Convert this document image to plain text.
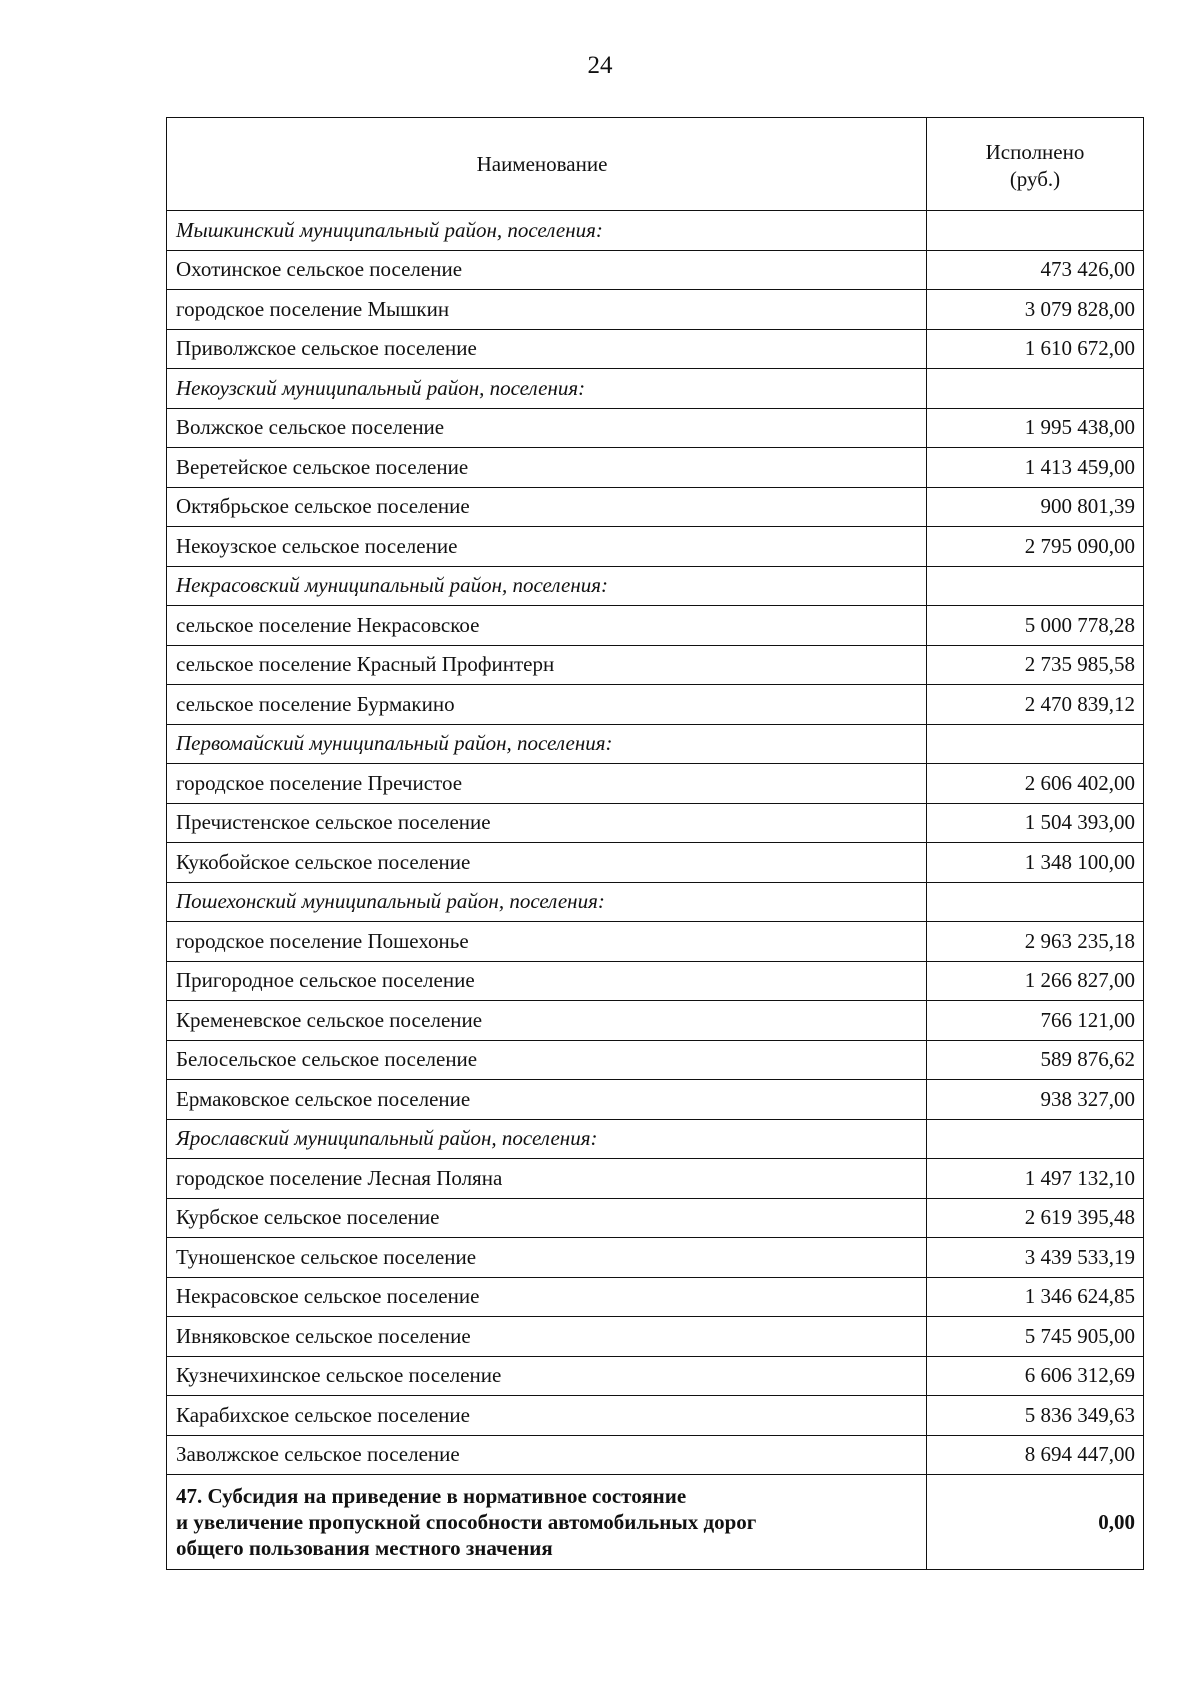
24
Наименование	Исполнено
(руб.)
Мышкинский муниципальный район, поселения:	
Охотинское сельское поселение	473 426,00
городское поселение Мышкин	3 079 828,00
Приволжское сельское поселение	1 610 672,00
Некоузский муниципальный район, поселения:	
Волжское сельское поселение	1 995 438,00
Веретейское сельское поселение	1 413 459,00
Октябрьское сельское поселение	900 801,39
Некоузское сельское поселение	2 795 090,00
Некрасовский муниципальный район, поселения:	
сельское поселение Некрасовское	5 000 778,28
сельское поселение Красный Профинтерн	2 735 985,58
сельское поселение Бурмакино	2 470 839,12
Первомайский муниципальный район, поселения:	
городское поселение Пречистое	2 606 402,00
Пречистенское сельское поселение	1 504 393,00
Кукобойское сельское поселение	1 348 100,00
Пошехонский муниципальный район, поселения:	
городское поселение Пошехонье	2 963 235,18
Пригородное сельское поселение	1 266 827,00
Кременевское сельское поселение	766 121,00
Белосельское сельское поселение	589 876,62
Ермаковское сельское поселение	938 327,00
Ярославский муниципальный район, поселения:	
городское поселение Лесная Поляна	1 497 132,10
Курбское сельское поселение	2 619 395,48
Туношенское сельское поселение	3 439 533,19
Некрасовское сельское поселение	1 346 624,85
Ивняковское сельское поселение	5 745 905,00
Кузнечихинское сельское поселение	6 606 312,69
Карабихское сельское поселение	5 836 349,63
Заволжское сельское поселение	8 694 447,00
47. Субсидия на приведение в нормативное состояние
и увеличение пропускной способности автомобильных дорог
общего пользования местного значения	0,00
